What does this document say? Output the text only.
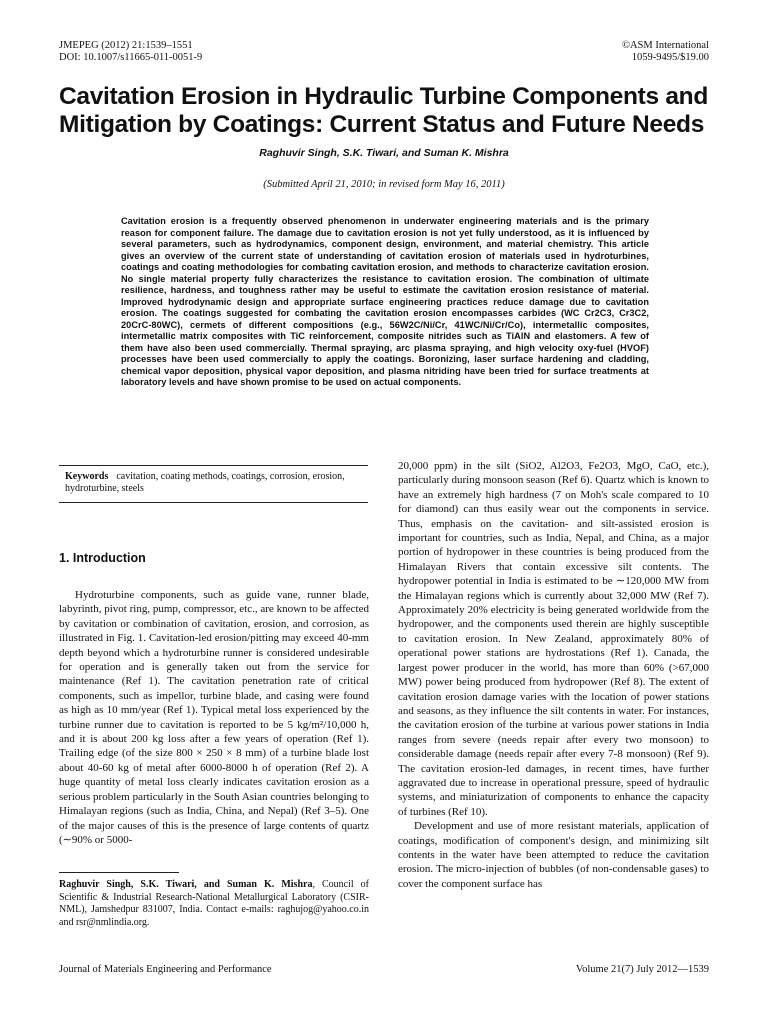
JMEPEG (2012) 21:1539–1551
DOI: 10.1007/s11665-011-0051-9
©ASM International
1059-9495/$19.00
Cavitation Erosion in Hydraulic Turbine Components and Mitigation by Coatings: Current Status and Future Needs
Raghuvir Singh, S.K. Tiwari, and Suman K. Mishra
(Submitted April 21, 2010; in revised form May 16, 2011)

Cavitation erosion is a frequently observed phenomenon in underwater engineering materials and is the primary reason for component failure. The damage due to cavitation erosion is not yet fully understood, as it is influenced by several parameters, such as hydrodynamics, component design, environment, and material chemistry. This article gives an overview of the current state of understanding of cavitation erosion of materials used in hydroturbines, coatings and coating methodologies for combating cavitation erosion, and methods to characterize cavitation erosion. No single material property fully characterizes the resistance to cavitation erosion. The combination of ultimate resilience, hardness, and toughness rather may be useful to estimate the cavitation erosion resistance of material. Improved hydrodynamic design and appropriate surface engineering practices reduce damage due to cavitation erosion. The coatings suggested for combating the cavitation erosion encompasses carbides (WC Cr2C3, Cr3C2, 20CrC-80WC), cermets of different compositions (e.g., 56W2C/Ni/Cr, 41WC/Ni/Cr/Co), intermetallic composites, intermetallic matrix composites with TiC reinforcement, composite nitrides such as TiAlN and elastomers. A few of them have also been used commercially. Thermal spraying, arc plasma spraying, and high velocity oxy-fuel (HVOF) processes have been used commercially to apply the coatings. Boronizing, laser surface hardening and cladding, chemical vapor deposition, physical vapor deposition, and plasma nitriding have been tried for surface treatments at laboratory levels and have shown promise to be used on actual components.

Keywords cavitation, coating methods, coatings, corrosion, erosion, hydroturbine, steels
1. Introduction

Hydroturbine components, such as guide vane, runner blade, labyrinth, pivot ring, pump, compressor, etc., are known to be affected by cavitation or combination of cavitation, erosion, and corrosion, as illustrated in Fig. 1. Cavitation-led erosion/pitting may exceed 40-mm depth beyond which a hydroturbine runner is considered undesirable for operation and is generally taken out from the service for maintenance (Ref 1). The cavitation penetration rate of critical components, such as impellor, turbine blade, and casing were found as high as 10 mm/year (Ref 1). Typical metal loss experienced by the turbine runner due to cavitation is reported to be 5 kg/m²/10,000 h, and it is about 200 kg loss after a few years of operation (Ref 1). Trailing edge (of the size 800 × 250 × 8 mm) of a turbine blade lost about 40-60 kg of metal after 6000-8000 h of operation (Ref 2). A huge quantity of metal loss clearly indicates cavitation erosion as a serious problem particularly in the South Asian countries belonging to Himalayan regions (such as India, China, and Nepal) (Ref 3–5). One of the major causes of this is the presence of large contents of quartz (∼90% or 5000-

Raghuvir Singh, S.K. Tiwari, and Suman K. Mishra, Council of Scientific & Industrial Research-National Metallurgical Laboratory (CSIR-NML), Jamshedpur 831007, India. Contact e-mails: raghujog@yahoo.co.in and rsr@nmlindia.org.

20,000 ppm) in the silt (SiO2, Al2O3, Fe2O3, MgO, CaO, etc.), particularly during monsoon season (Ref 6). Quartz which is known to have an extremely high hardness (7 on Moh's scale compared to 10 for diamond) can thus easily wear out the components in service. Thus, emphasis on the cavitation- and silt-assisted erosion is important for countries, such as India, Nepal, and China, as a major portion of hydropower in these countries is being produced from the Himalayan Rivers that contain excessive silt contents. The hydropower potential in India is estimated to be ∼120,000 MW from the Himalayan regions which is currently about 32,000 MW (Ref 7). Approximately 20% electricity is being generated worldwide from the hydropower, and the components used therein are highly susceptible to cavitation erosion. In New Zealand, approximately 80% of operational power stations are hydrostations (Ref 1). Canada, the largest power producer in the world, has more than 60% (>67,000 MW) power being produced from hydropower (Ref 8). The extent of cavitation erosion damage varies with the location of power stations and seasons, as they influence the silt contents in water. For instances, the cavitation erosion of the turbine at various power stations in India ranges from severe (needs repair after every two monsoon) to considerable damage (needs repair after every 7-8 monsoon) (Ref 9). The cavitation erosion-led damages, in recent times, have further aggravated due to increase in operational pressure, speed of hydraulic systems, and miniaturization of components to enhance the capacity of turbines (Ref 10).

Development and use of more resistant materials, application of coatings, modification of component's design, and minimizing silt contents in the water have been attempted to reduce the cavitation erosion. The micro-injection of bubbles (of non-condensable gases) to cover the component surface has

Journal of Materials Engineering and Performance	Volume 21(7) July 2012—1539
